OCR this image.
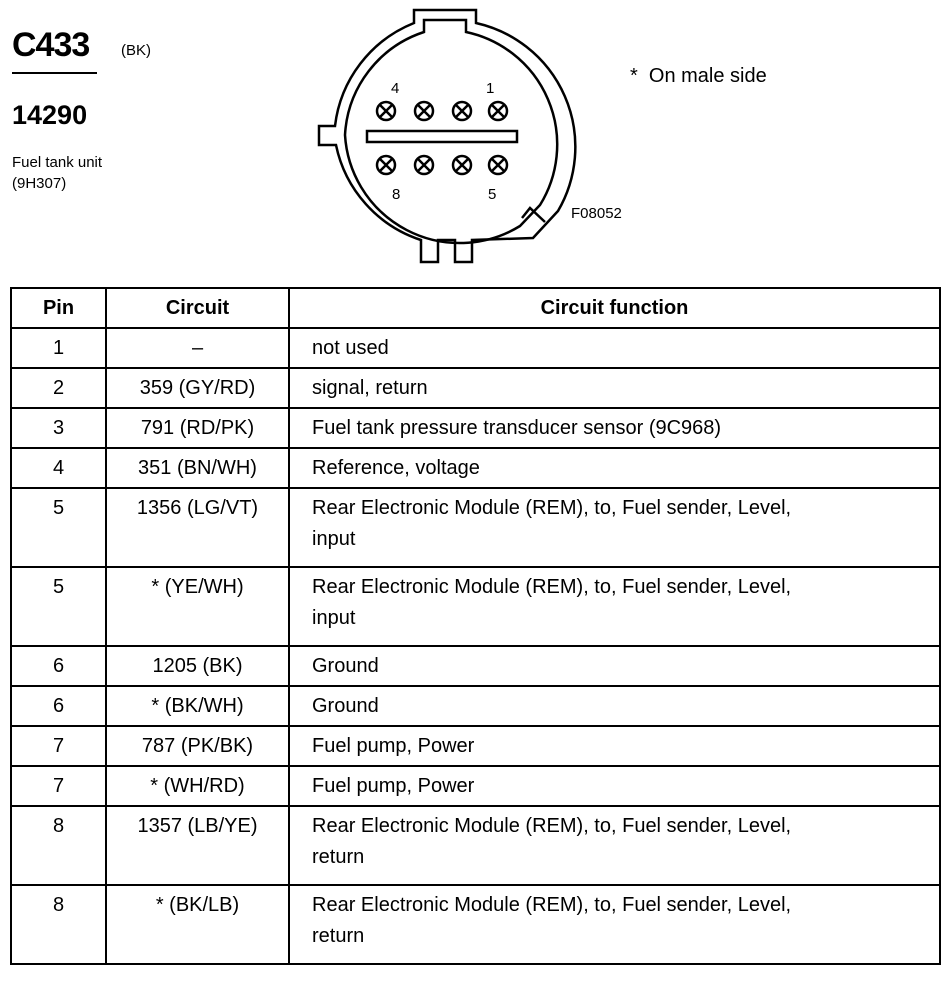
C433 (BK)
14290
Fuel tank unit
(9H307)
4	1
8	5
*  On male side
F08052
Pin	Circuit	Circuit function

1	–	not used

2	359 (GY/RD)	signal, return

3	791 (RD/PK)	Fuel tank pressure transducer sensor (9C968)

4	351 (BN/WH)	Reference, voltage

5	1356 (LG/VT)	Rear Electronic Module (REM), to, Fuel sender, Level,
input

5	* (YE/WH)	Rear Electronic Module (REM), to, Fuel sender, Level,
input

6	1205 (BK)	Ground

6	* (BK/WH)	Ground

7	787 (PK/BK)	Fuel pump, Power

7	* (WH/RD)	Fuel pump, Power

8	1357 (LB/YE)	Rear Electronic Module (REM), to, Fuel sender, Level,
return

8	* (BK/LB)	Rear Electronic Module (REM), to, Fuel sender, Level,
return
